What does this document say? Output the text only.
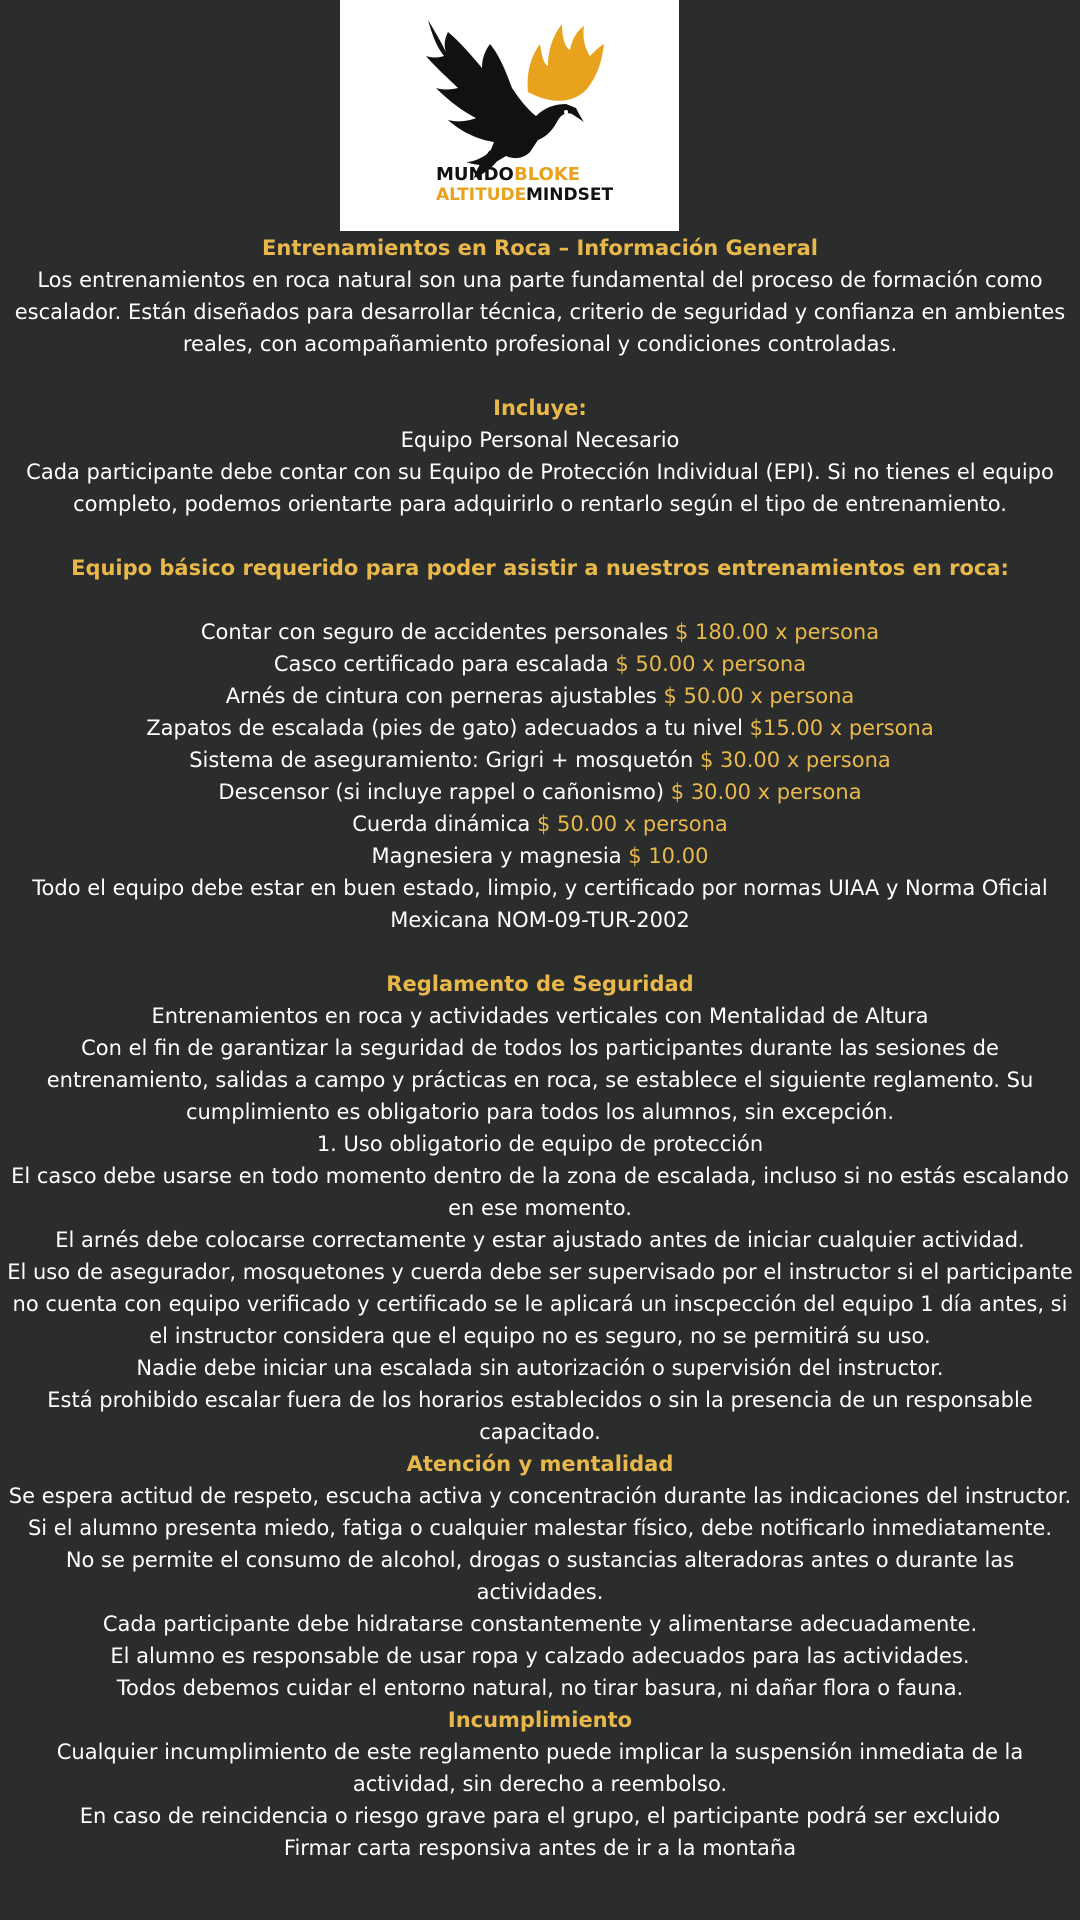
MUNDO BLOKE
ALTITUDE MINDSET

Entrenamientos en Roca – Información General

Los entrenamientos en roca natural son una parte fundamental del proceso de formación como escalador. Están diseñados para desarrollar técnica, criterio de seguridad y confianza en ambientes reales, con acompañamiento profesional y condiciones controladas.

Incluye:

Equipo Personal Necesario

Cada participante debe contar con su Equipo de Protección Individual (EPI). Si no tienes el equipo completo, podemos orientarte para adquirirlo o rentarlo según el tipo de entrenamiento.

Equipo básico requerido para poder asistir a nuestros entrenamientos en roca:

Contar con seguro de accidentes personales $ 180.00 x persona

Casco certificado para escalada $ 50.00 x persona

Arnés de cintura con perneras ajustables $ 50.00 x persona

Zapatos de escalada (pies de gato) adecuados a tu nivel $15.00 x persona

Sistema de aseguramiento: Grigri + mosquetón $ 30.00 x persona

Descensor (si incluye rappel o cañonismo) $ 30.00 x persona

Cuerda dinámica $ 50.00 x persona

Magnesiera y magnesia $ 10.00

Todo el equipo debe estar en buen estado, limpio, y certificado por normas UIAA y Norma Oficial Mexicana NOM-09-TUR-2002

Reglamento de Seguridad

Entrenamientos en roca y actividades verticales con Mentalidad de Altura

Con el fin de garantizar la seguridad de todos los participantes durante las sesiones de entrenamiento, salidas a campo y prácticas en roca, se establece el siguiente reglamento. Su cumplimiento es obligatorio para todos los alumnos, sin excepción.

1. Uso obligatorio de equipo de protección

El casco debe usarse en todo momento dentro de la zona de escalada, incluso si no estás escalando en ese momento.

El arnés debe colocarse correctamente y estar ajustado antes de iniciar cualquier actividad.

El uso de asegurador, mosquetones y cuerda debe ser supervisado por el instructor si el participante no cuenta con equipo verificado y certificado se le aplicará un inscpección del equipo 1 día antes, si el instructor considera que el equipo no es seguro, no se permitirá su uso.

Nadie debe iniciar una escalada sin autorización o supervisión del instructor.

Está prohibido escalar fuera de los horarios establecidos o sin la presencia de un responsable capacitado.

Atención y mentalidad

Se espera actitud de respeto, escucha activa y concentración durante las indicaciones del instructor.

Si el alumno presenta miedo, fatiga o cualquier malestar físico, debe notificarlo inmediatamente.

No se permite el consumo de alcohol, drogas o sustancias alteradoras antes o durante las actividades.

Cada participante debe hidratarse constantemente y alimentarse adecuadamente.

El alumno es responsable de usar ropa y calzado adecuados para las actividades.

Todos debemos cuidar el entorno natural, no tirar basura, ni dañar flora o fauna.

Incumplimiento

Cualquier incumplimiento de este reglamento puede implicar la suspensión inmediata de la actividad, sin derecho a reembolso.

En caso de reincidencia o riesgo grave para el grupo, el participante podrá ser excluido

Firmar carta responsiva antes de ir a la montaña
